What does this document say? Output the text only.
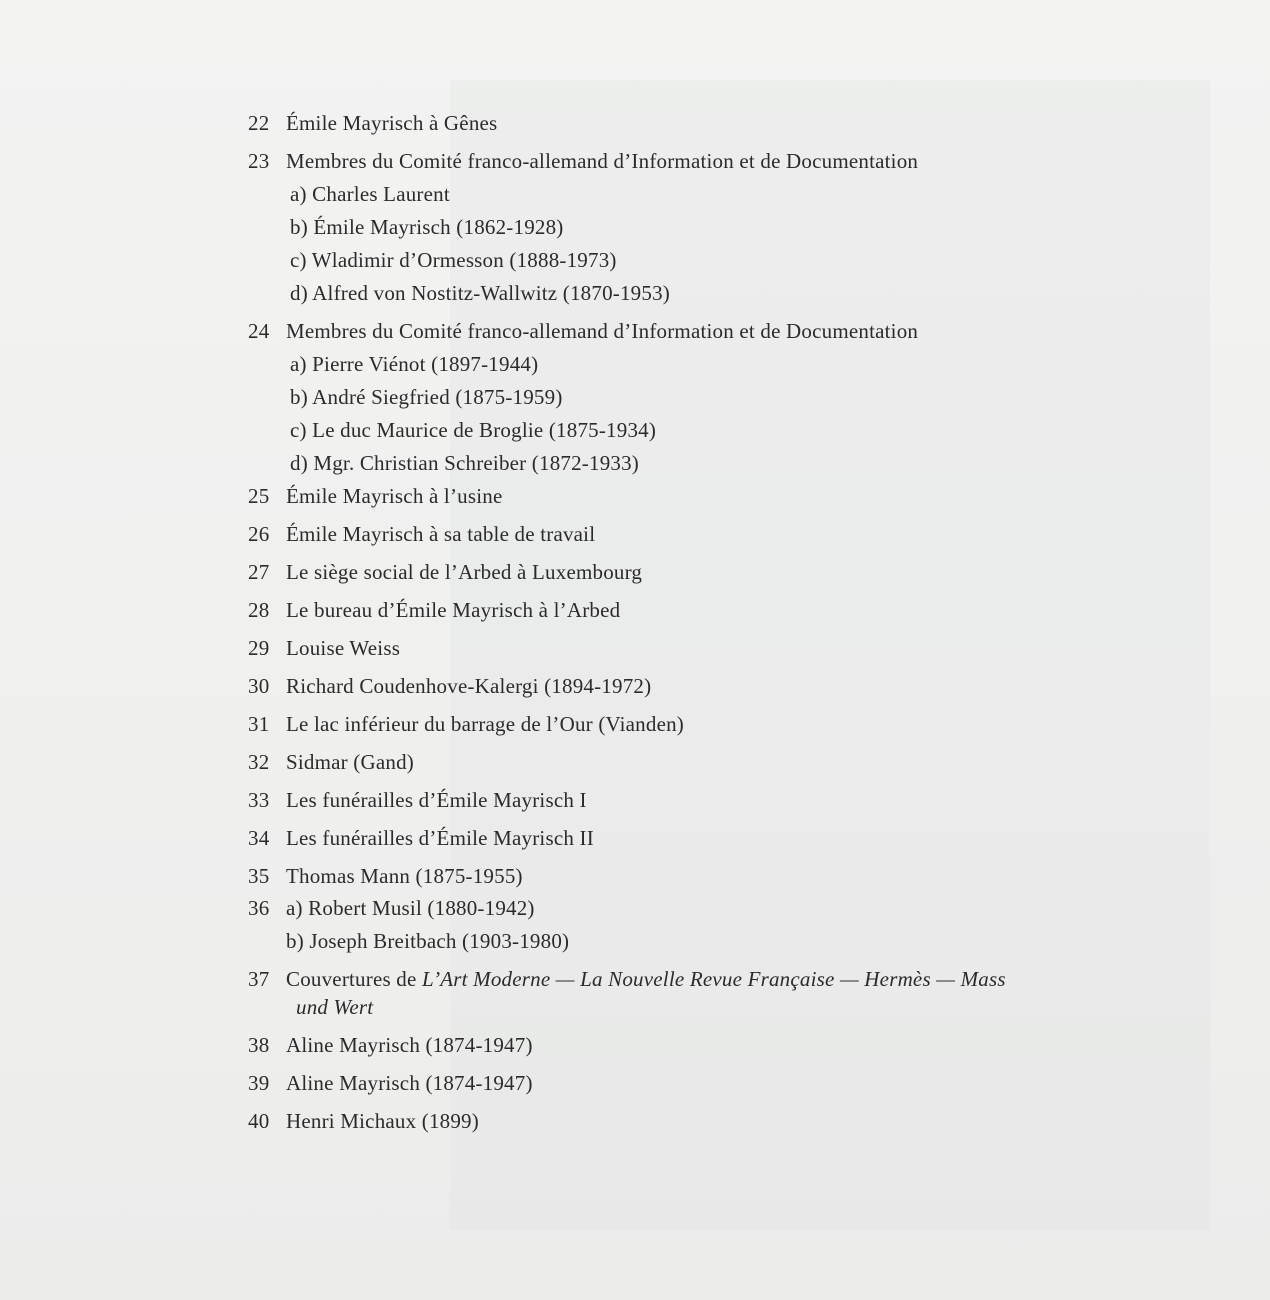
22 Émile Mayrisch à Gênes
23 Membres du Comité franco-allemand d’Information et de Documentation
a) Charles Laurent
b) Émile Mayrisch (1862-1928)
c) Wladimir d’Ormesson (1888-1973)
d) Alfred von Nostitz-Wallwitz (1870-1953)
24 Membres du Comité franco-allemand d’Information et de Documentation
a) Pierre Viénot (1897-1944)
b) André Siegfried (1875-1959)
c) Le duc Maurice de Broglie (1875-1934)
d) Mgr. Christian Schreiber (1872-1933)
25 Émile Mayrisch à l’usine
26 Émile Mayrisch à sa table de travail
27 Le siège social de l’Arbed à Luxembourg
28 Le bureau d’Émile Mayrisch à l’Arbed
29 Louise Weiss
30 Richard Coudenhove-Kalergi (1894-1972)
31 Le lac inférieur du barrage de l’Our (Vianden)
32 Sidmar (Gand)
33 Les funérailles d’Émile Mayrisch I
34 Les funérailles d’Émile Mayrisch II
35 Thomas Mann (1875-1955)
36 a) Robert Musil (1880-1942)
b) Joseph Breitbach (1903-1980)
37 Couvertures de L’Art Moderne — La Nouvelle Revue Française — Hermès — Mass
und Wert
38 Aline Mayrisch (1874-1947)
39 Aline Mayrisch (1874-1947)
40 Henri Michaux (1899)
